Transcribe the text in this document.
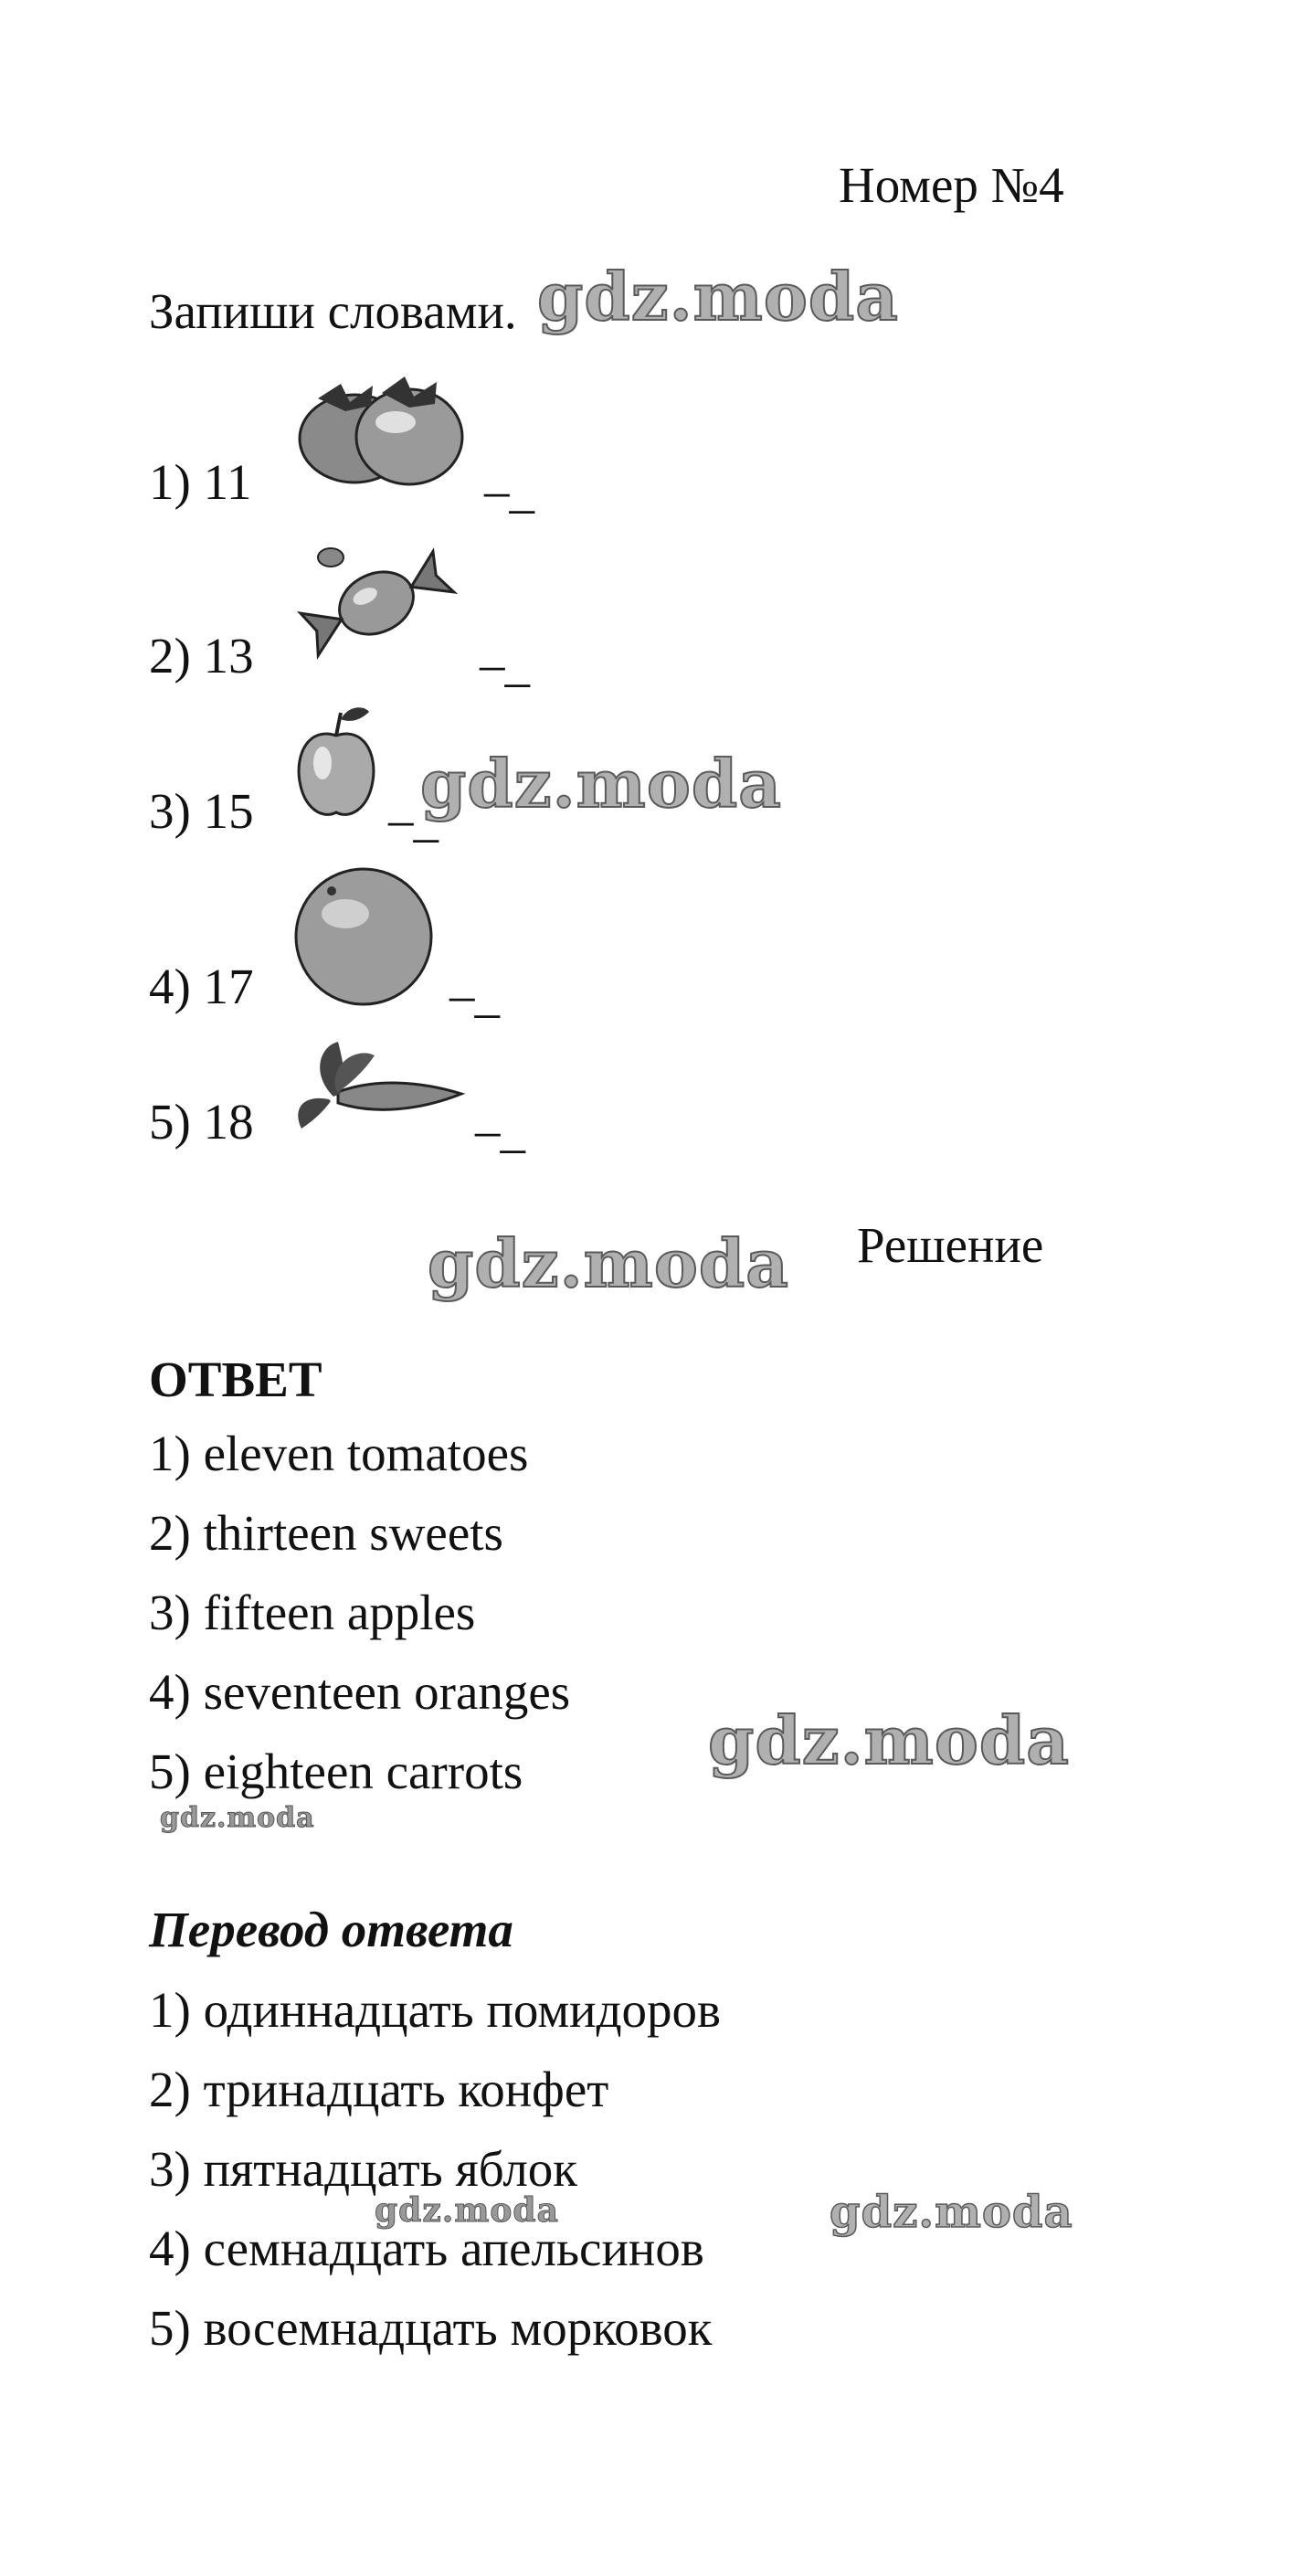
Номер №4
Запиши словами. gdz.moda
1) 11	–_
2) 13	–_
3) 15	–_
gdz.moda
4) 17	–_
5) 18	–_
gdz.moda Решение
ОТВЕТ
1) eleven tomatoes
2) thirteen sweets
3) fifteen apples
4) seventeen oranges
5) eighteen carrots	gdz.moda
gdz.moda
Перевод ответа
1) одиннадцать помидоров
2) тринадцать конфет
3) пятнадцать яблок
gdz.moda	gdz.moda
4) семнадцать апельсинов
5) восемнадцать морковок
